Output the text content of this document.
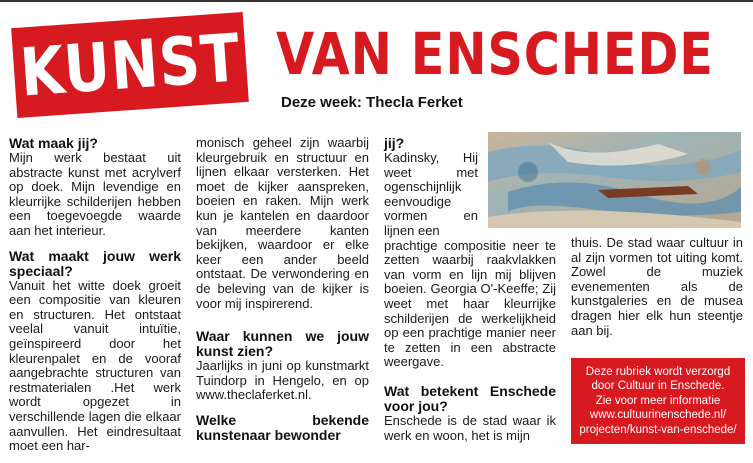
KUNST VAN ENSCHEDE
Deze week: Thecla Ferket
Wat maak jij?

Mijn werk bestaat uit abstracte kunst met acrylverf op doek. Mijn levendige en kleurrijke schilderijen hebben een toegevoegde waarde aan het interieur.

Wat maakt jouw werk speciaal?

Vanuit het witte doek groeit een compositie van kleuren en structuren. Het ontstaat veelal vanuit intuïtie, geïnspireerd door het kleurenpalet en de vooraf aangebrachte structuren van restmaterialen .Het werk wordt opgezet in verschillende lagen die elkaar aanvullen. Het eindresultaat moet een har-

monisch geheel zijn waarbij kleurgebruik en structuur en lijnen elkaar versterken. Het moet de kijker aanspreken, boeien en raken. Mijn werk kun je kantelen en daardoor van meerdere kanten bekijken, waardoor er elke keer een ander beeld ontstaat. De verwondering en de beleving van de kijker is voor mij inspirerend.

Waar kunnen we jouw kunst zien?

Jaarlijks in juni op kunstmarkt Tuindorp in Hengelo, en op www.theclaferket.nl.

Welke bekende kunstenaar bewonder
jij?

Kadinsky, Hij weet met ogenschijnlijk eenvoudige vormen en lijnen een

prachtige compositie neer te zetten waarbij raakvlakken van vorm en lijn mij blijven boeien. Georgia O'-Keeffe; Zij weet met haar kleurrijke schilderijen de werkelijkheid op een prachtige manier neer te zetten in een abstracte weergave.

Wat betekent Enschede voor jou?

Enschede is de stad waar ik werk en woon, het is mijn

thuis. De stad waar cultuur in al zijn vormen tot uiting komt. Zowel de muziek evenementen als de kunstgaleries en de musea dragen hier elk hun steentje aan bij.

Deze rubriek wordt verzorgd
door Cultuur in Enschede.
Zie voor meer informatie
www.cultuurinenschede.nl/
projecten/kunst-van-enschede/
